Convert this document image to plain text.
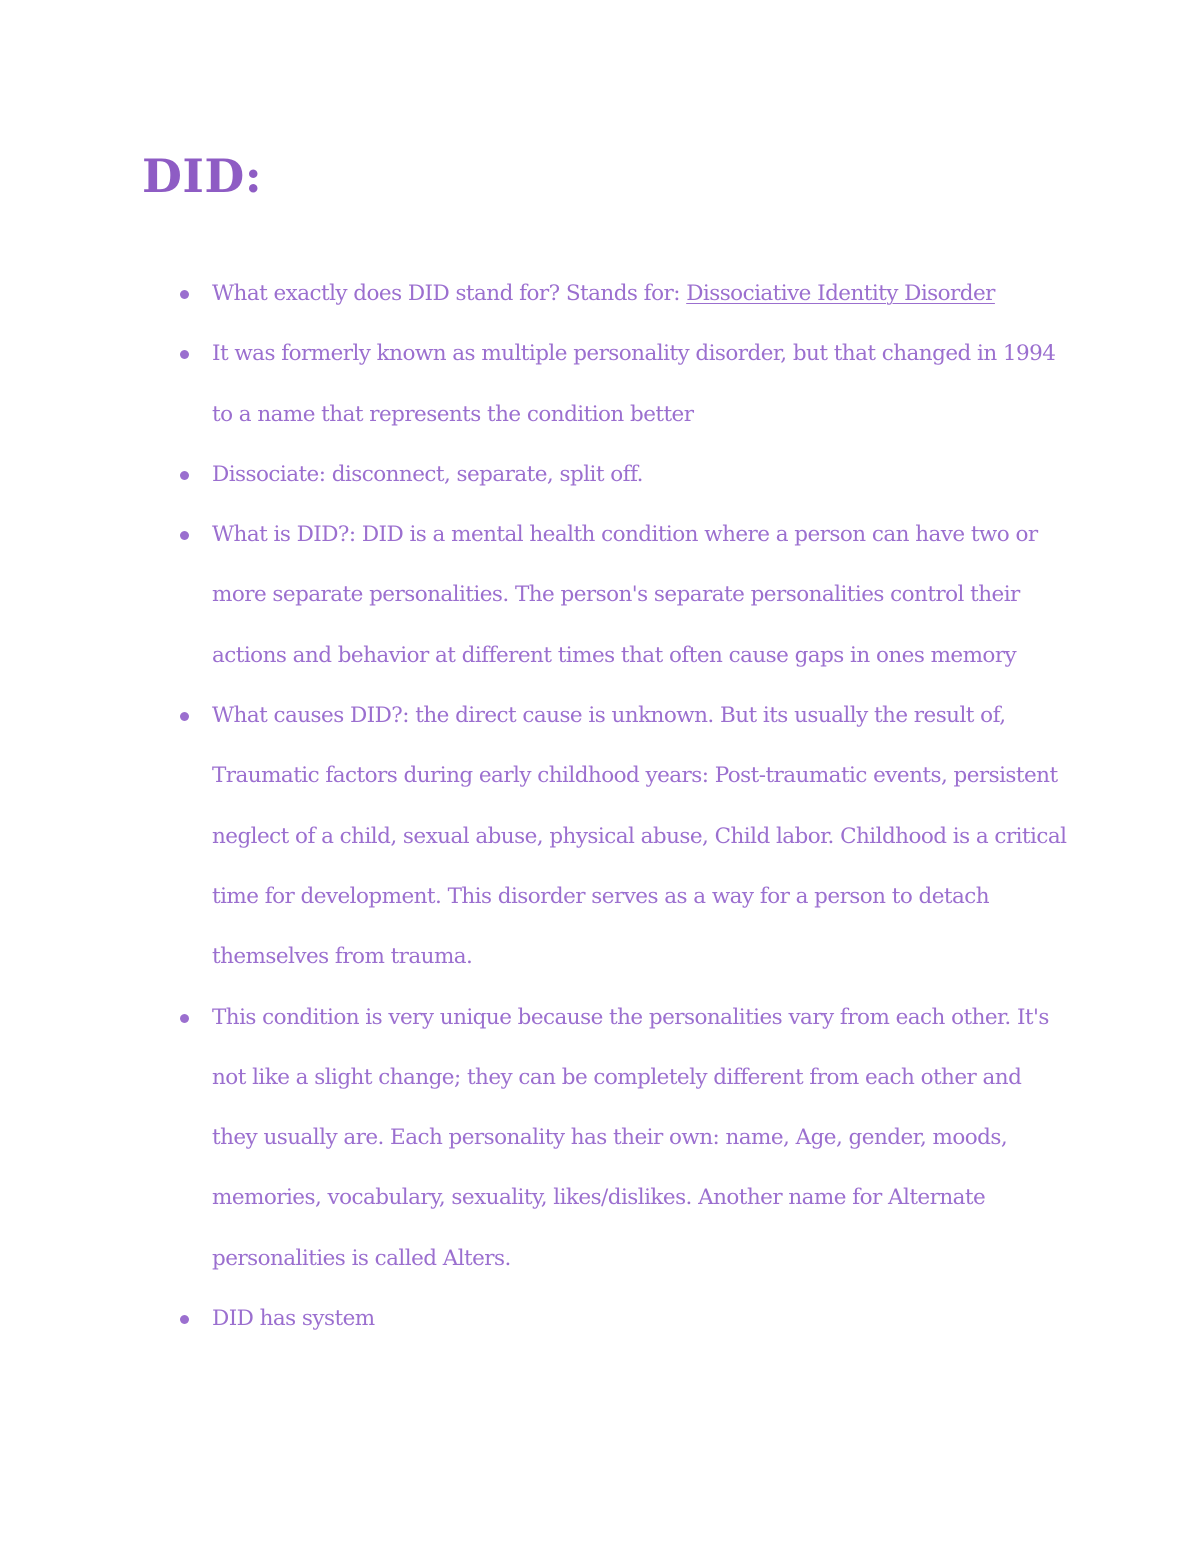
DID:
What exactly does DID stand for? Stands for: Dissociative Identity Disorder
It was formerly known as multiple personality disorder, but that changed in 1994 to a name that represents the condition better
Dissociate: disconnect, separate, split off.
What is DID?: DID is a mental health condition where a person can have two or more separate personalities. The person's separate personalities control their actions and behavior at different times that often cause gaps in ones memory
What causes DID?: the direct cause is unknown. But its usually the result of, Traumatic factors during early childhood years: Post-traumatic events, persistent neglect of a child, sexual abuse, physical abuse, Child labor. Childhood is a critical time for development. This disorder serves as a way for a person to detach themselves from trauma.
This condition is very unique because the personalities vary from each other. It's not like a slight change; they can be completely different from each other and they usually are. Each personality has their own: name, Age, gender, moods, memories, vocabulary, sexuality, likes/dislikes. Another name for Alternate personalities is called Alters.
DID has system
